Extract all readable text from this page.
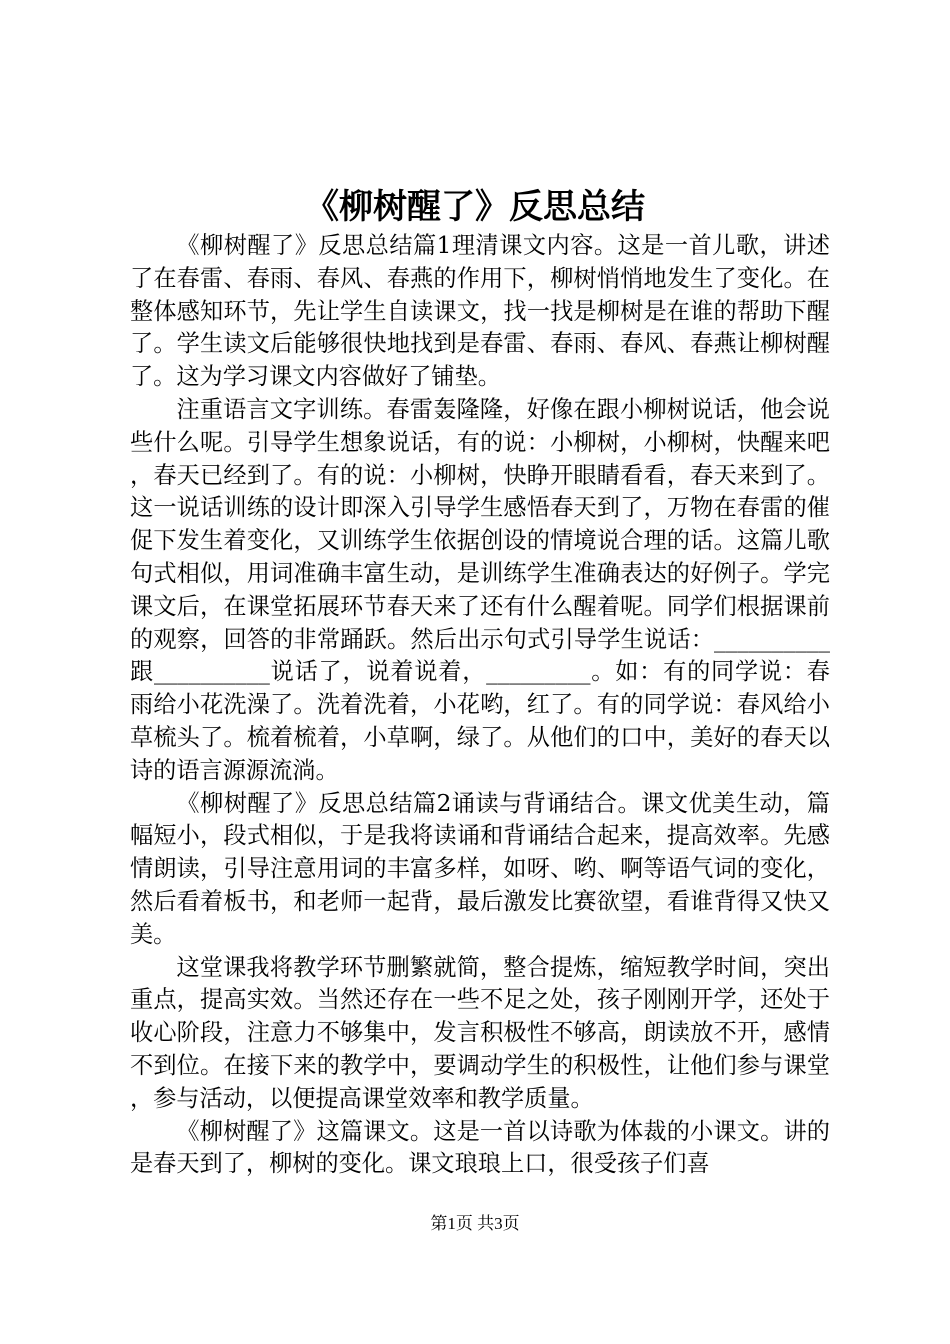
《柳树醒了》反思总结

《柳树醒了》反思总结篇1理清课文内容。这是一首儿歌，讲述了在春雷、春雨、春风、春燕的作用下，柳树悄悄地发生了变化。在整体感知环节，先让学生自读课文，找一找是柳树是在谁的帮助下醒了。学生读文后能够很快地找到是春雷、春雨、春风、春燕让柳树醒了。这为学习课文内容做好了铺垫。

注重语言文字训练。春雷轰隆隆，好像在跟小柳树说话，他会说些什么呢。引导学生想象说话，有的说：小柳树，小柳树，快醒来吧，春天已经到了。有的说：小柳树，快睁开眼睛看看，春天来到了。这一说话训练的设计即深入引导学生感悟春天到了，万物在春雷的催促下发生着变化，又训练学生依据创设的情境说合理的话。这篇儿歌句式相似，用词准确丰富生动，是训练学生准确表达的好例子。学完课文后，在课堂拓展环节春天来了还有什么醒着呢。同学们根据课前的观察，回答的非常踊跃。然后出示句式引导学生说话：__________跟__________说话了，说着说着，_________。如：有的同学说：春雨给小花洗澡了。洗着洗着，小花哟，红了。有的同学说：春风给小草梳头了。梳着梳着，小草啊，绿了。从他们的口中，美好的春天以诗的语言源源流淌。

《柳树醒了》反思总结篇2诵读与背诵结合。课文优美生动，篇幅短小，段式相似，于是我将读诵和背诵结合起来，提高效率。先感情朗读，引导注意用词的丰富多样，如呀、哟、啊等语气词的变化，然后看着板书，和老师一起背，最后激发比赛欲望，看谁背得又快又美。

这堂课我将教学环节删繁就简，整合提炼，缩短教学时间，突出重点，提高实效。当然还存在一些不足之处，孩子刚刚开学，还处于收心阶段，注意力不够集中，发言积极性不够高，朗读放不开，感情不到位。在接下来的教学中，要调动学生的积极性，让他们参与课堂，参与活动，以便提高课堂效率和教学质量。

《柳树醒了》这篇课文。这是一首以诗歌为体裁的小课文。讲的是春天到了，柳树的变化。课文琅琅上口，很受孩子们喜

第1页 共3页
